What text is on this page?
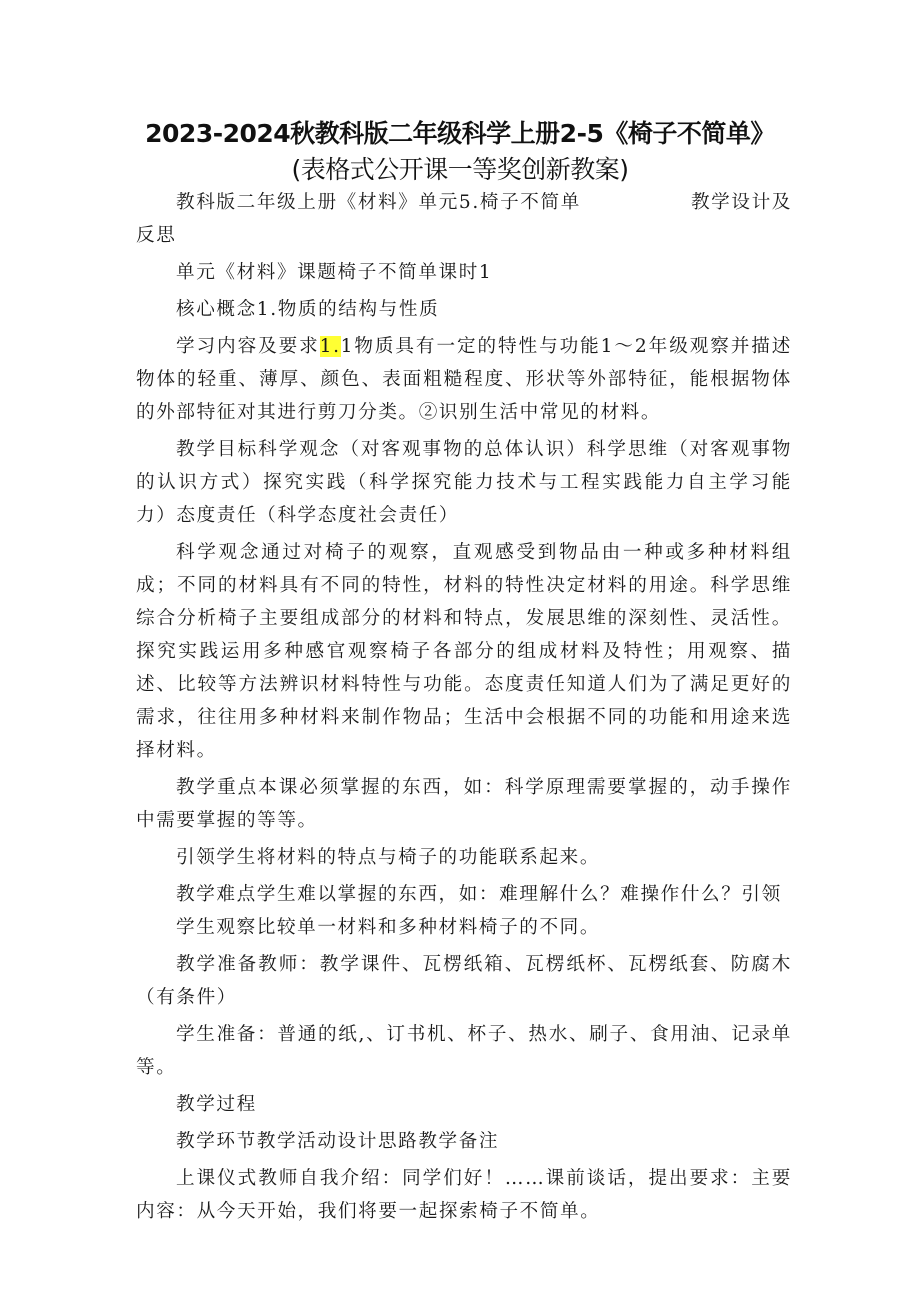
2023-2024秋教科版二年级科学上册2-5《椅子不简单》
(表格式公开课一等奖创新教案)

教科版二年级上册《材料》单元5.椅子不简单	教学设计及反思

单元《材料》课题椅子不简单课时1

核心概念1.物质的结构与性质

学习内容及要求1.1物质具有一定的特性与功能1～2年级观察并描述物体的轻重、薄厚、颜色、表面粗糙程度、形状等外部特征，能根据物体的外部特征对其进行剪刀分类。②识别生活中常见的材料。

教学目标科学观念（对客观事物的总体认识）科学思维（对客观事物的认识方式）探究实践（科学探究能力技术与工程实践能力自主学习能力）态度责任（科学态度社会责任）

科学观念通过对椅子的观察，直观感受到物品由一种或多种材料组成；不同的材料具有不同的特性，材料的特性决定材料的用途。科学思维综合分析椅子主要组成部分的材料和特点，发展思维的深刻性、灵活性。探究实践运用多种感官观察椅子各部分的组成材料及特性；用观察、描述、比较等方法辨识材料特性与功能。态度责任知道人们为了满足更好的需求，往往用多种材料来制作物品；生活中会根据不同的功能和用途来选择材料。

教学重点本课必须掌握的东西，如：科学原理需要掌握的，动手操作中需要掌握的等等。

引领学生将材料的特点与椅子的功能联系起来。

教学难点学生难以掌握的东西，如：难理解什么？难操作什么？引领

学生观察比较单一材料和多种材料椅子的不同。

教学准备教师：教学课件、瓦楞纸箱、瓦楞纸杯、瓦楞纸套、防腐木（有条件）

学生准备：普通的纸,、订书机、杯子、热水、刷子、食用油、记录单等。

教学过程

教学环节教学活动设计思路教学备注

上课仪式教师自我介绍：同学们好！……课前谈话，提出要求：主要内容：从今天开始，我们将要一起探索椅子不简单。
